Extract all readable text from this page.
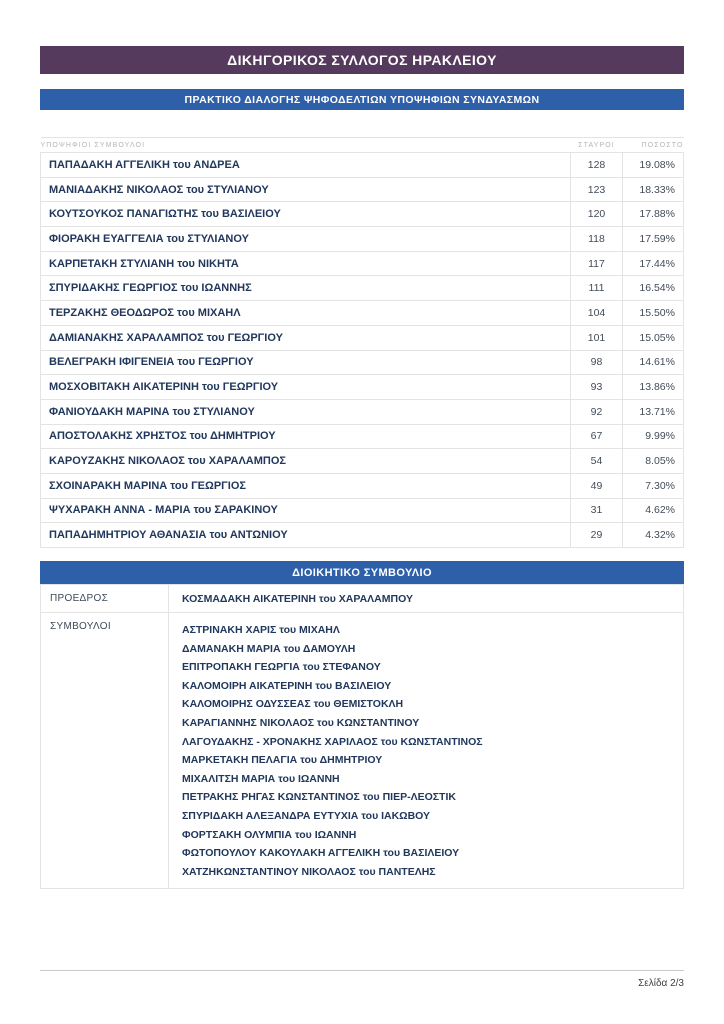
ΔΙΚΗΓΟΡΙΚΟΣ ΣΥΛΛΟΓΟΣ ΗΡΑΚΛΕΙΟΥ
ΠΡΑΚΤΙΚΟ ΔΙΑΛΟΓΗΣ ΨΗΦΟΔΕΛΤΙΩΝ ΥΠΟΨΗΦΙΩΝ ΣΥΝΔΥΑΣΜΩΝ
ΥΠΟΨΗΦΙΟΙ ΣΥΜΒΟΥΛΟΙ	ΣΤΑΥΡΟΙ	ΠΟΣΟΣΤΟ
ΠΑΠΑΔΑΚΗ ΑΓΓΕΛΙΚΗ του ΑΝΔΡΕΑ	128	19.08%
ΜΑΝΙΑΔΑΚΗΣ ΝΙΚΟΛΑΟΣ του ΣΤΥΛΙΑΝΟΥ	123	18.33%
ΚΟΥΤΣΟΥΚΟΣ ΠΑΝΑΓΙΩΤΗΣ του ΒΑΣΙΛΕΙΟΥ	120	17.88%
ΦΙΟΡΑΚΗ ΕΥΑΓΓΕΛΙΑ του ΣΤΥΛΙΑΝΟΥ	118	17.59%
ΚΑΡΠΕΤΑΚΗ ΣΤΥΛΙΑΝΗ του ΝΙΚΗΤΑ	117	17.44%
ΣΠΥΡΙΔΑΚΗΣ ΓΕΩΡΓΙΟΣ του ΙΩΑΝΝΗΣ	111	16.54%
ΤΕΡΖΑΚΗΣ ΘΕΟΔΩΡΟΣ του ΜΙΧΑΗΛ	104	15.50%
ΔΑΜΙΑΝΑΚΗΣ ΧΑΡΑΛΑΜΠΟΣ του ΓΕΩΡΓΙΟΥ	101	15.05%
ΒΕΛΕΓΡΑΚΗ ΙΦΙΓΕΝΕΙΑ του ΓΕΩΡΓΙΟΥ	98	14.61%
ΜΟΣΧΟΒΙΤΑΚΗ ΑΙΚΑΤΕΡΙΝΗ του ΓΕΩΡΓΙΟΥ	93	13.86%
ΦΑΝΙΟΥΔΑΚΗ ΜΑΡΙΝΑ του ΣΤΥΛΙΑΝΟΥ	92	13.71%
ΑΠΟΣΤΟΛΑΚΗΣ ΧΡΗΣΤΟΣ του ΔΗΜΗΤΡΙΟΥ	67	9.99%
ΚΑΡΟΥΖΑΚΗΣ ΝΙΚΟΛΑΟΣ του ΧΑΡΑΛΑΜΠΟΣ	54	8.05%
ΣΧΟΙΝΑΡΑΚΗ ΜΑΡΙΝΑ του ΓΕΩΡΓΙΟΣ	49	7.30%
ΨΥΧΑΡΑΚΗ ΑΝΝΑ - ΜΑΡΙΑ του ΣΑΡΑΚΙΝΟΥ	31	4.62%
ΠΑΠΑΔΗΜΗΤΡΙΟΥ ΑΘΑΝΑΣΙΑ του ΑΝΤΩΝΙΟΥ	29	4.32%
ΔΙΟΙΚΗΤΙΚΟ ΣΥΜΒΟΥΛΙΟ
ΠΡΟΕΔΡΟΣ	ΚΟΣΜΑΔΑΚΗ ΑΙΚΑΤΕΡΙΝΗ του ΧΑΡΑΛΑΜΠΟΥ

ΣΥΜΒΟΥΛΟΙ	ΑΣΤΡΙΝΑΚΗ ΧΑΡΙΣ του ΜΙΧΑΗΛ
ΔΑΜΑΝΑΚΗ ΜΑΡΙΑ του ΔΑΜΟΥΛΗ
ΕΠΙΤΡΟΠΑΚΗ ΓΕΩΡΓΙΑ του ΣΤΕΦΑΝΟΥ
ΚΑΛΟΜΟΙΡΗ ΑΙΚΑΤΕΡΙΝΗ του ΒΑΣΙΛΕΙΟΥ
ΚΑΛΟΜΟΙΡΗΣ ΟΔΥΣΣΕΑΣ του ΘΕΜΙΣΤΟΚΛΗ
ΚΑΡΑΓΙΑΝΝΗΣ ΝΙΚΟΛΑΟΣ του ΚΩΝΣΤΑΝΤΙΝΟΥ
ΛΑΓΟΥΔΑΚΗΣ - ΧΡΟΝΑΚΗΣ ΧΑΡΙΛΑΟΣ του ΚΩΝΣΤΑΝΤΙΝΟΣ
ΜΑΡΚΕΤΑΚΗ ΠΕΛΑΓΙΑ του ΔΗΜΗΤΡΙΟΥ
ΜΙΧΑΛΙΤΣΗ ΜΑΡΙΑ του ΙΩΑΝΝΗ
ΠΕΤΡΑΚΗΣ ΡΗΓΑΣ ΚΩΝΣΤΑΝΤΙΝΟΣ του ΠΙΕΡ-ΛΕΟΣΤΙΚ
ΣΠΥΡΙΔΑΚΗ ΑΛΕΞΑΝΔΡΑ ΕΥΤΥΧΙΑ του ΙΑΚΩΒΟΥ
ΦΟΡΤΣΑΚΗ ΟΛΥΜΠΙΑ του ΙΩΑΝΝΗ
ΦΩΤΟΠΟΥΛΟΥ ΚΑΚΟΥΛΑΚΗ ΑΓΓΕΛΙΚΗ του ΒΑΣΙΛΕΙΟΥ
ΧΑΤΖΗΚΩΝΣΤΑΝΤΙΝΟΥ ΝΙΚΟΛΑΟΣ του ΠΑΝΤΕΛΗΣ
Σελίδα 2/3
